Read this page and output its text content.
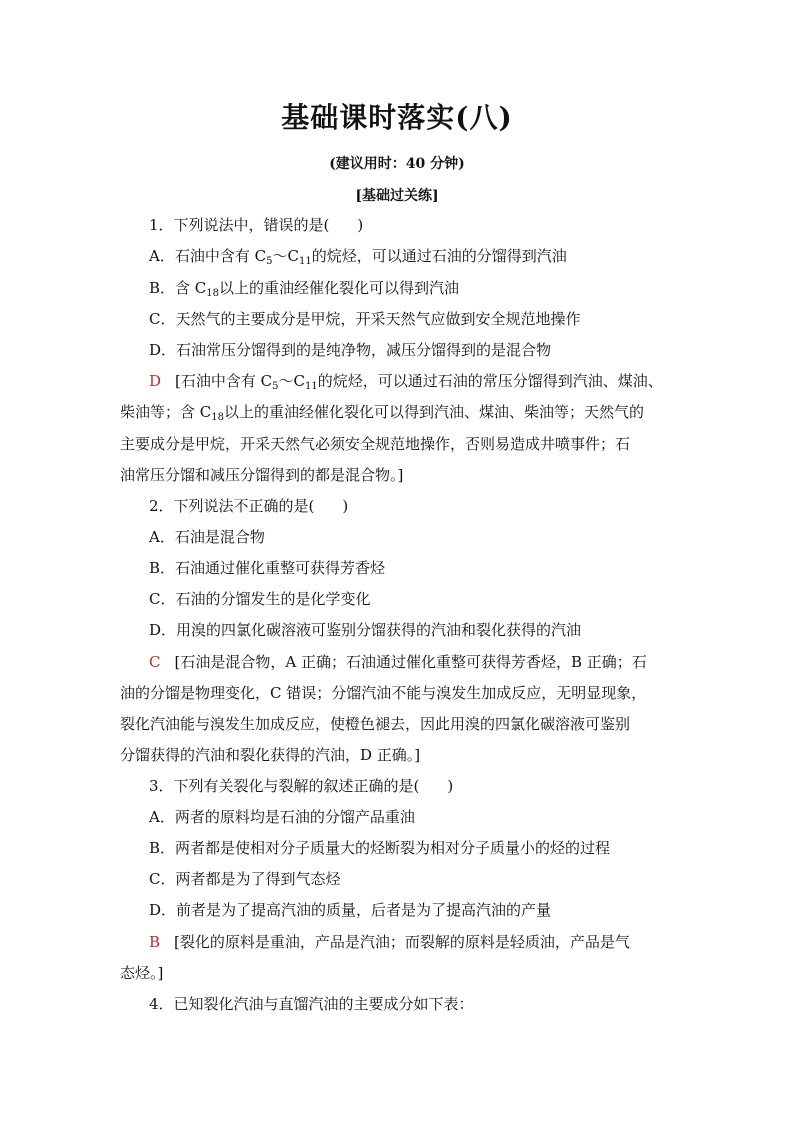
基础课时落实(八)
(建议用时：40 分钟)
[基础过关练]
1．下列说法中，错误的是( )
A．石油中含有 $C_5\sim C_{11}$的烷烃，可以通过石油的分馏得到汽油
B．含 $C_{18}$以上的重油经催化裂化可以得到汽油
C．天然气的主要成分是甲烷，开采天然气应做到安全规范地操作
D．石油常压分馏得到的是纯净物，减压分馏得到的是混合物
D [石油中含有 $C_5\sim C_{11}$的烷烃，可以通过石油的常压分馏得到汽油、煤油、
柴油等；含 $C_{18}$以上的重油经催化裂化可以得到汽油、煤油、柴油等；天然气的
主要成分是甲烷，开采天然气必须安全规范地操作，否则易造成井喷事件；石
油常压分馏和减压分馏得到的都是混合物。]
2．下列说法不正确的是( )
A．石油是混合物
B．石油通过催化重整可获得芳香烃
C．石油的分馏发生的是化学变化
D．用溴的四氯化碳溶液可鉴别分馏获得的汽油和裂化获得的汽油
C [石油是混合物，A 正确；石油通过催化重整可获得芳香烃，B 正确；石
油的分馏是物理变化，C 错误；分馏汽油不能与溴发生加成反应，无明显现象，
裂化汽油能与溴发生加成反应，使橙色褪去，因此用溴的四氯化碳溶液可鉴别
分馏获得的汽油和裂化获得的汽油，D 正确。]
3．下列有关裂化与裂解的叙述正确的是( )
A．两者的原料均是石油的分馏产品重油
B．两者都是使相对分子质量大的烃断裂为相对分子质量小的烃的过程
C．两者都是为了得到气态烃
D．前者是为了提高汽油的质量，后者是为了提高汽油的产量
B [裂化的原料是重油，产品是汽油；而裂解的原料是轻质油，产品是气
态烃。]
4．已知裂化汽油与直馏汽油的主要成分如下表：
